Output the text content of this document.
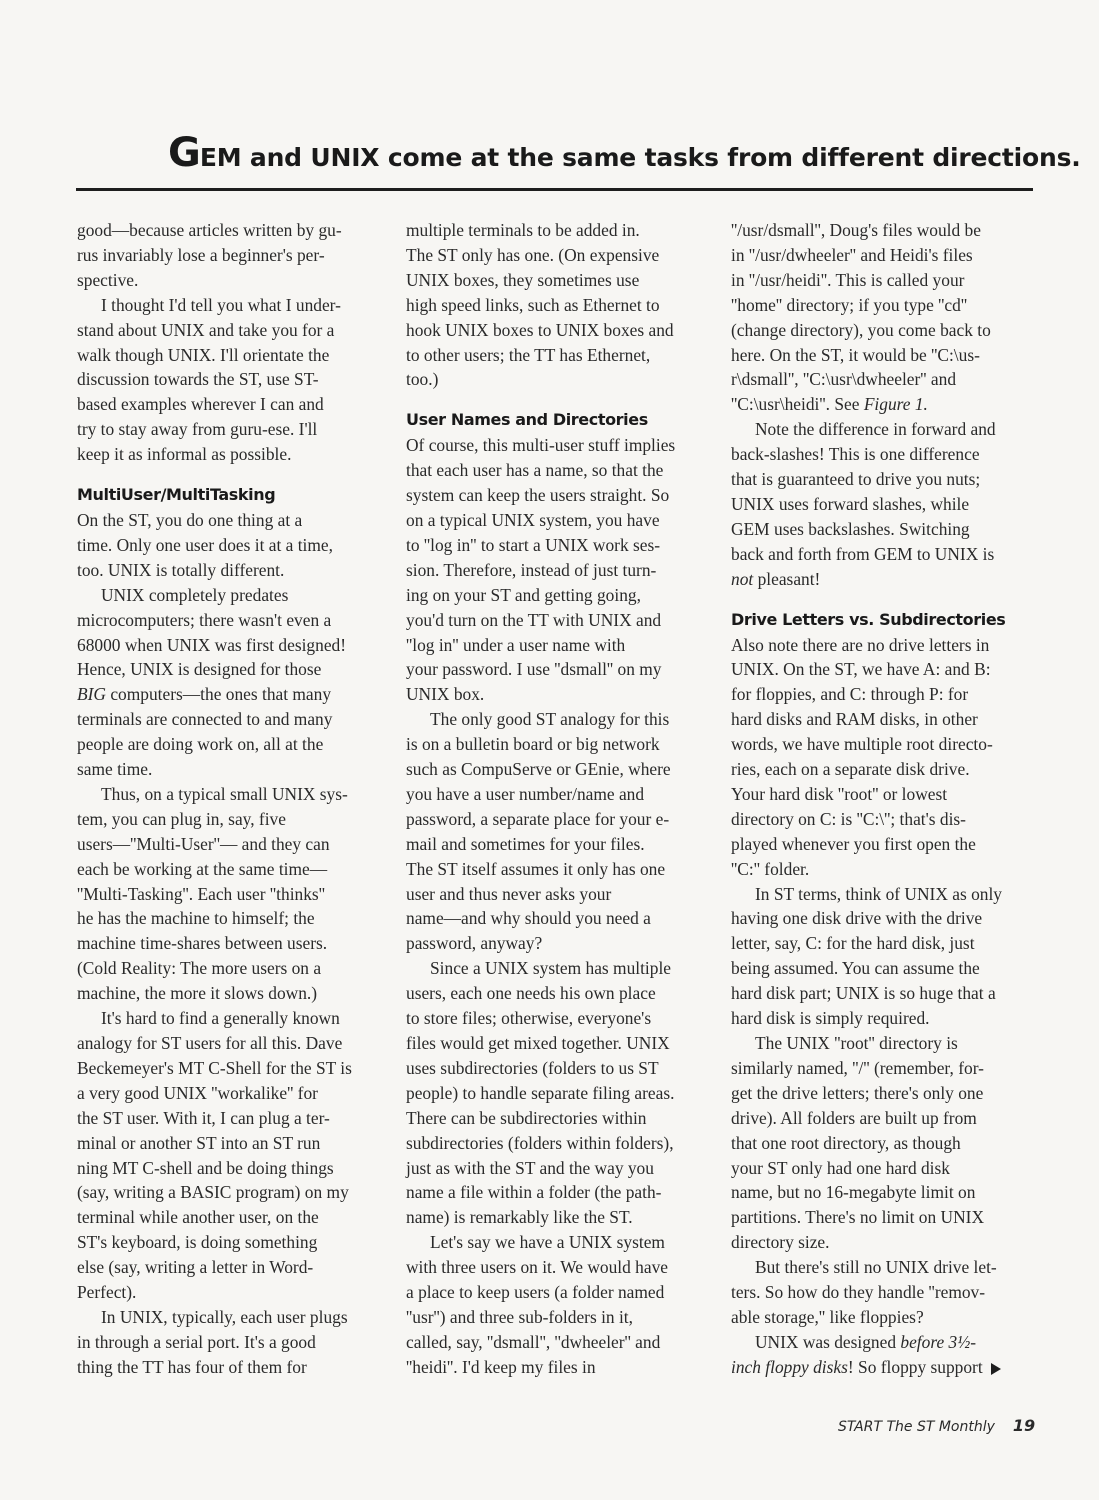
GEM and UNIX come at the same tasks from different directions.

good—because articles written by gu-

rus invariably lose a beginner's per-

spective.

I thought I'd tell you what I under-

stand about UNIX and take you for a

walk though UNIX. I'll orientate the

discussion towards the ST, use ST-

based examples wherever I can and

try to stay away from guru-ese. I'll

keep it as informal as possible.

MultiUser/MultiTasking

On the ST, you do one thing at a

time. Only one user does it at a time,

too. UNIX is totally different.

UNIX completely predates

microcomputers; there wasn't even a

68000 when UNIX was first designed!

Hence, UNIX is designed for those

BIG computers—the ones that many

terminals are connected to and many

people are doing work on, all at the

same time.

Thus, on a typical small UNIX sys-

tem, you can plug in, say, five

users—''Multi-User''— and they can

each be working at the same time—

''Multi-Tasking''. Each user ''thinks''

he has the machine to himself; the

machine time-shares between users.

(Cold Reality: The more users on a

machine, the more it slows down.)

It's hard to find a generally known

analogy for ST users for all this. Dave

Beckemeyer's MT C-Shell for the ST is

a very good UNIX ''workalike'' for

the ST user. With it, I can plug a ter-

minal or another ST into an ST run

ning MT C-shell and be doing things

(say, writing a BASIC program) on my

terminal while another user, on the

ST's keyboard, is doing something

else (say, writing a letter in Word-

Perfect).

In UNIX, typically, each user plugs

in through a serial port. It's a good

thing the TT has four of them for

multiple terminals to be added in.

The ST only has one. (On expensive

UNIX boxes, they sometimes use

high speed links, such as Ethernet to

hook UNIX boxes to UNIX boxes and

to other users; the TT has Ethernet,

too.)

User Names and Directories

Of course, this multi-user stuff implies

that each user has a name, so that the

system can keep the users straight. So

on a typical UNIX system, you have

to ''log in'' to start a UNIX work ses-

sion. Therefore, instead of just turn-

ing on your ST and getting going,

you'd turn on the TT with UNIX and

''log in'' under a user name with

your password. I use ''dsmall'' on my

UNIX box.

The only good ST analogy for this

is on a bulletin board or big network

such as CompuServe or GEnie, where

you have a user number/name and

password, a separate place for your e-

mail and sometimes for your files.

The ST itself assumes it only has one

user and thus never asks your

name—and why should you need a

password, anyway?

Since a UNIX system has multiple

users, each one needs his own place

to store files; otherwise, everyone's

files would get mixed together. UNIX

uses subdirectories (folders to us ST

people) to handle separate filing areas.

There can be subdirectories within

subdirectories (folders within folders),

just as with the ST and the way you

name a file within a folder (the path-

name) is remarkably like the ST.

Let's say we have a UNIX system

with three users on it. We would have

a place to keep users (a folder named

''usr'') and three sub-folders in it,

called, say, ''dsmall'', ''dwheeler'' and

''heidi''. I'd keep my files in

''/usr/dsmall'', Doug's files would be

in ''/usr/dwheeler'' and Heidi's files

in ''/usr/heidi''. This is called your

''home'' directory; if you type ''cd''

(change directory), you come back to

here. On the ST, it would be ''C:\us-

r\dsmall'', ''C:\usr\dwheeler'' and

''C:\usr\heidi''. See Figure 1.

Note the difference in forward and

back-slashes! This is one difference

that is guaranteed to drive you nuts;

UNIX uses forward slashes, while

GEM uses backslashes. Switching

back and forth from GEM to UNIX is

not pleasant!

Drive Letters vs. Subdirectories

Also note there are no drive letters in

UNIX. On the ST, we have A: and B:

for floppies, and C: through P: for

hard disks and RAM disks, in other

words, we have multiple root directo-

ries, each on a separate disk drive.

Your hard disk ''root'' or lowest

directory on C: is ''C:\''; that's dis-

played whenever you first open the

''C:'' folder.

In ST terms, think of UNIX as only

having one disk drive with the drive

letter, say, C: for the hard disk, just

being assumed. You can assume the

hard disk part; UNIX is so huge that a

hard disk is simply required.

The UNIX ''root'' directory is

similarly named, ''/'' (remember, for-

get the drive letters; there's only one

drive). All folders are built up from

that one root directory, as though

your ST only had one hard disk

name, but no 16-megabyte limit on

partitions. There's no limit on UNIX

directory size.

But there's still no UNIX drive let-

ters. So how do they handle ''remov-

able storage,'' like floppies?

UNIX was designed before 3½-

inch floppy disks! So floppy support

START The ST Monthly 19
